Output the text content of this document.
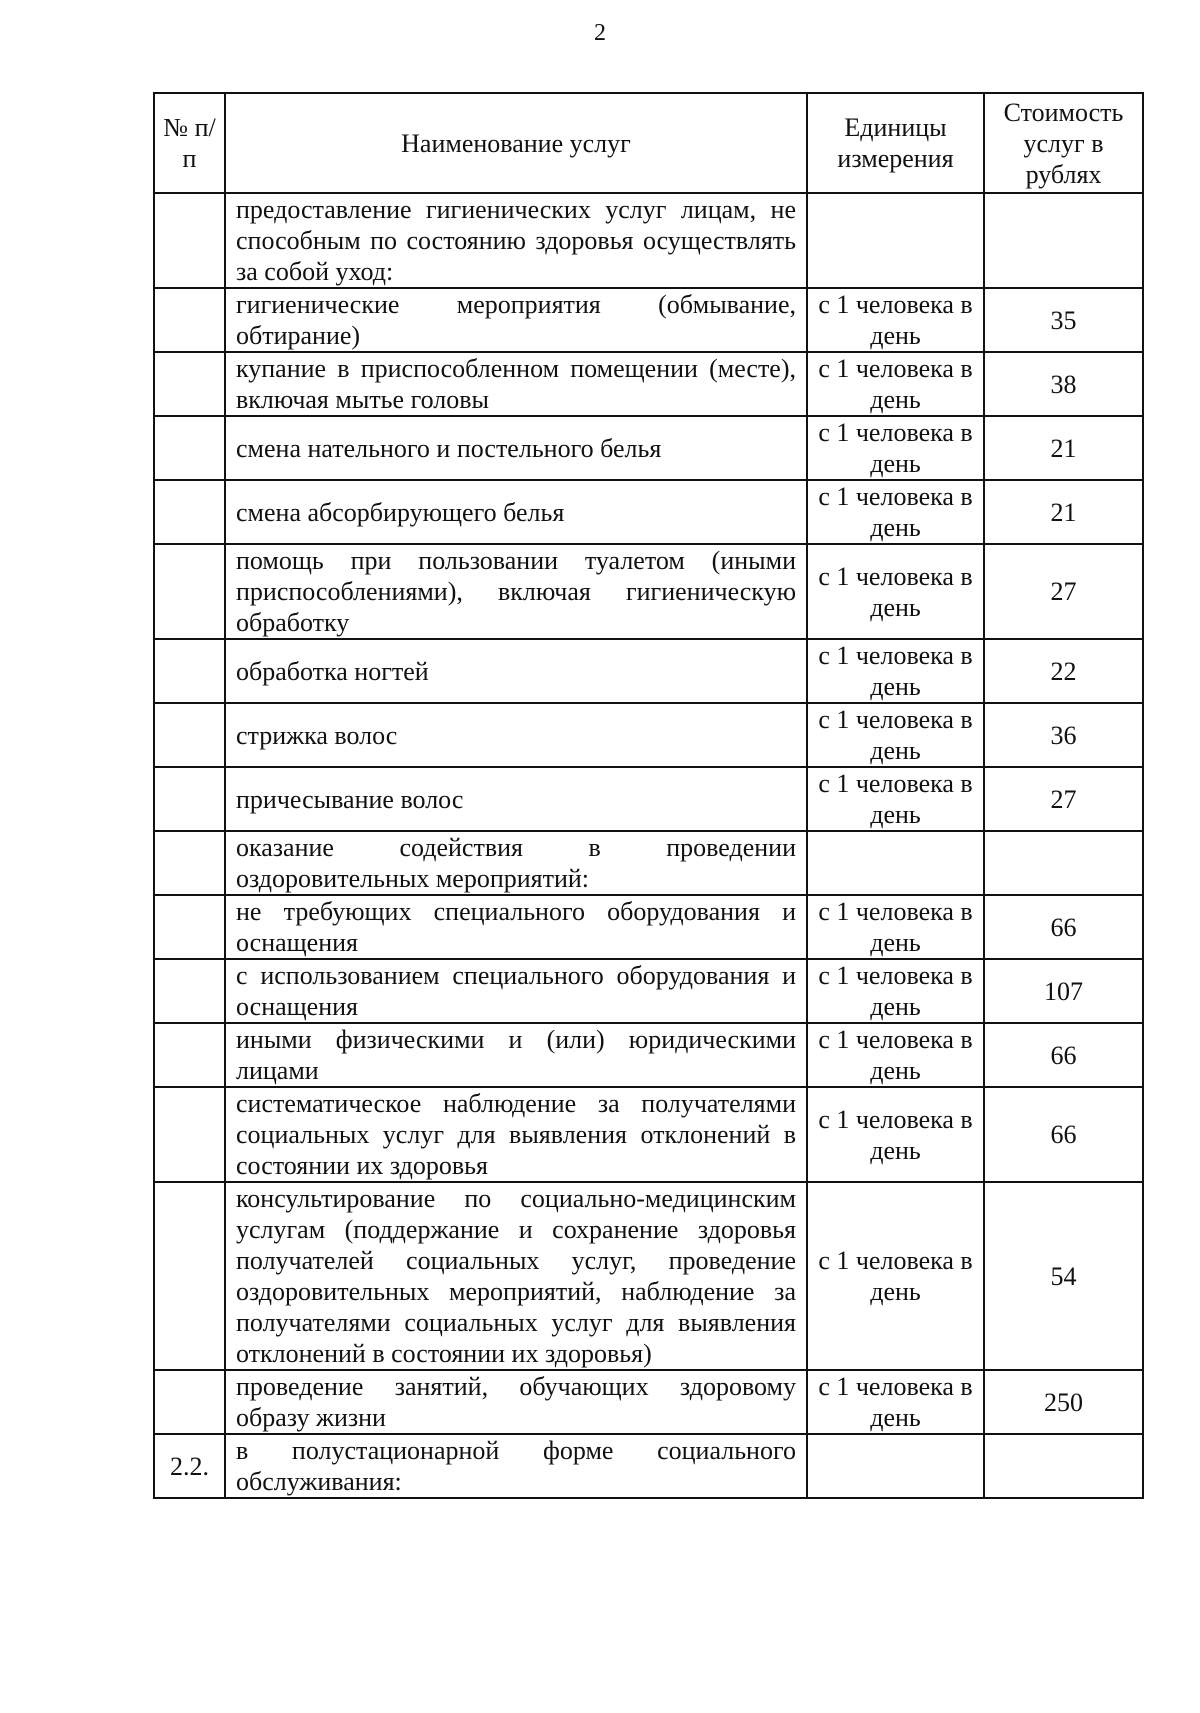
2
№ п/п	Наименование услуг	Единицы измерения	Стоимость услуг в рублях
	предоставление гигиенических услуг лицам, не способным по состоянию здоровья осуществлять за собой уход:		
	гигиенические мероприятия (обмывание, обтирание)	с 1 человека в день	35
	купание в приспособленном помещении (месте), включая мытье головы	с 1 человека в день	38
	смена нательного и постельного белья	с 1 человека в день	21
	смена абсорбирующего белья	с 1 человека в день	21
	помощь при пользовании туалетом (иными приспособлениями), включая гигиеническую обработку	с 1 человека в день	27
	обработка ногтей	с 1 человека в день	22
	стрижка волос	с 1 человека в день	36
	причесывание волос	с 1 человека в день	27
	оказание содействия в проведении оздоровительных мероприятий:		
	не требующих специального оборудования и оснащения	с 1 человека в день	66
	с использованием специального оборудования и оснащения	с 1 человека в день	107
	иными физическими и (или) юридическими лицами	с 1 человека в день	66
	систематическое наблюдение за получателями социальных услуг для выявления отклонений в состоянии их здоровья	с 1 человека в день	66
	консультирование по социально-медицинским услугам (поддержание и сохранение здоровья получателей социальных услуг, проведение оздоровительных мероприятий, наблюдение за получателями социальных услуг для выявления отклонений в состоянии их здоровья)	с 1 человека в день	54
	проведение занятий, обучающих здоровому образу жизни	с 1 человека в день	250
2.2.	в полустационарной форме социального обслуживания:		
